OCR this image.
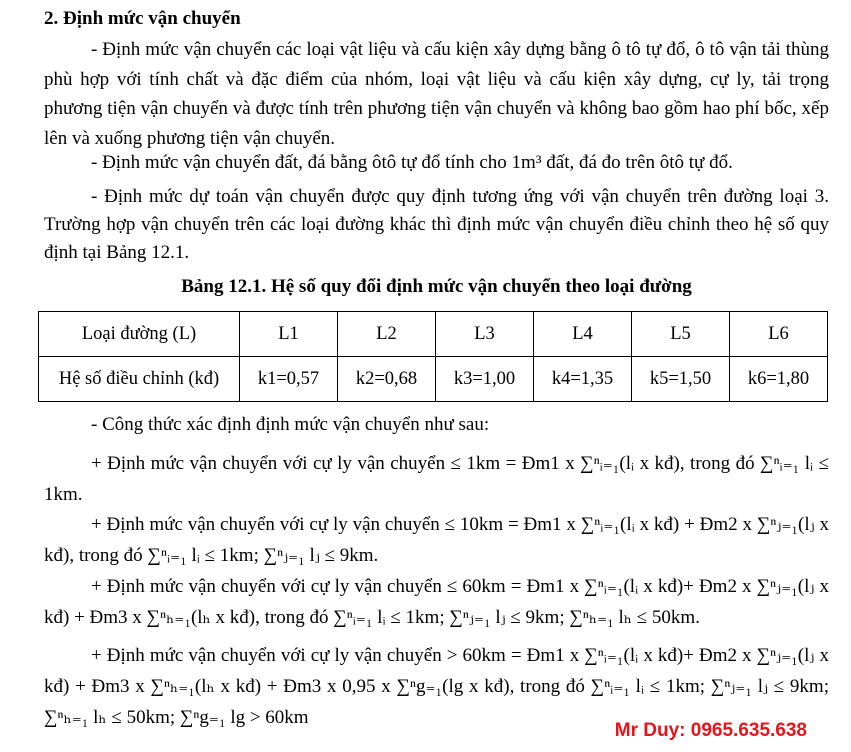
2. Định mức vận chuyển
- Định mức vận chuyển các loại vật liệu và cấu kiện xây dựng bằng ô tô tự đổ, ô tô vận tải thùng phù hợp với tính chất và đặc điểm của nhóm, loại vật liệu và cấu kiện xây dựng, cự ly, tải trọng phương tiện vận chuyển và được tính trên phương tiện vận chuyển và không bao gồm hao phí bốc, xếp lên và xuống phương tiện vận chuyển.
- Định mức vận chuyển đất, đá bằng ôtô tự đổ tính cho 1m³ đất, đá đo trên ôtô tự đổ.
- Định mức dự toán vận chuyển được quy định tương ứng với vận chuyển trên đường loại 3. Trường hợp vận chuyển trên các loại đường khác thì định mức vận chuyển điều chỉnh theo hệ số quy định tại Bảng 12.1.
Bảng 12.1. Hệ số quy đổi định mức vận chuyển theo loại đường
Loại đường (L)	L1	L2	L3	L4	L5	L6
Hệ số điều chỉnh (kđ)	k1=0,57	k2=0,68	k3=1,00	k4=1,35	k5=1,50	k6=1,80
- Công thức xác định định mức vận chuyển như sau:
+ Định mức vận chuyển với cự ly vận chuyển ≤ 1km = Đm1 x ∑ⁿᵢ₌₁(lᵢ x kđ), trong đó ∑ⁿᵢ₌₁ lᵢ ≤ 1km.
+ Định mức vận chuyển với cự ly vận chuyển ≤ 10km = Đm1 x ∑ⁿᵢ₌₁(lᵢ x kđ) + Đm2 x ∑ⁿⱼ₌₁(lⱼ x kđ), trong đó ∑ⁿᵢ₌₁ lᵢ ≤ 1km; ∑ⁿⱼ₌₁ lⱼ ≤ 9km.
+ Định mức vận chuyển với cự ly vận chuyển ≤ 60km = Đm1 x ∑ⁿᵢ₌₁(lᵢ x kđ)+ Đm2 x ∑ⁿⱼ₌₁(lⱼ x kđ) + Đm3 x ∑ⁿₕ₌₁(lₕ x kđ), trong đó ∑ⁿᵢ₌₁ lᵢ ≤ 1km; ∑ⁿⱼ₌₁ lⱼ ≤ 9km; ∑ⁿₕ₌₁ lₕ ≤ 50km.
+ Định mức vận chuyển với cự ly vận chuyển > 60km = Đm1 x ∑ⁿᵢ₌₁(lᵢ x kđ)+ Đm2 x ∑ⁿⱼ₌₁(lⱼ x kđ) + Đm3 x ∑ⁿₕ₌₁(lₕ x kđ) + Đm3 x 0,95 x ∑ⁿg₌₁(lg x kđ), trong đó ∑ⁿᵢ₌₁ lᵢ ≤ 1km; ∑ⁿⱼ₌₁ lⱼ ≤ 9km; ∑ⁿₕ₌₁ lₕ ≤ 50km; ∑ⁿg₌₁ lg > 60km
Mr Duy: 0965.635.638
